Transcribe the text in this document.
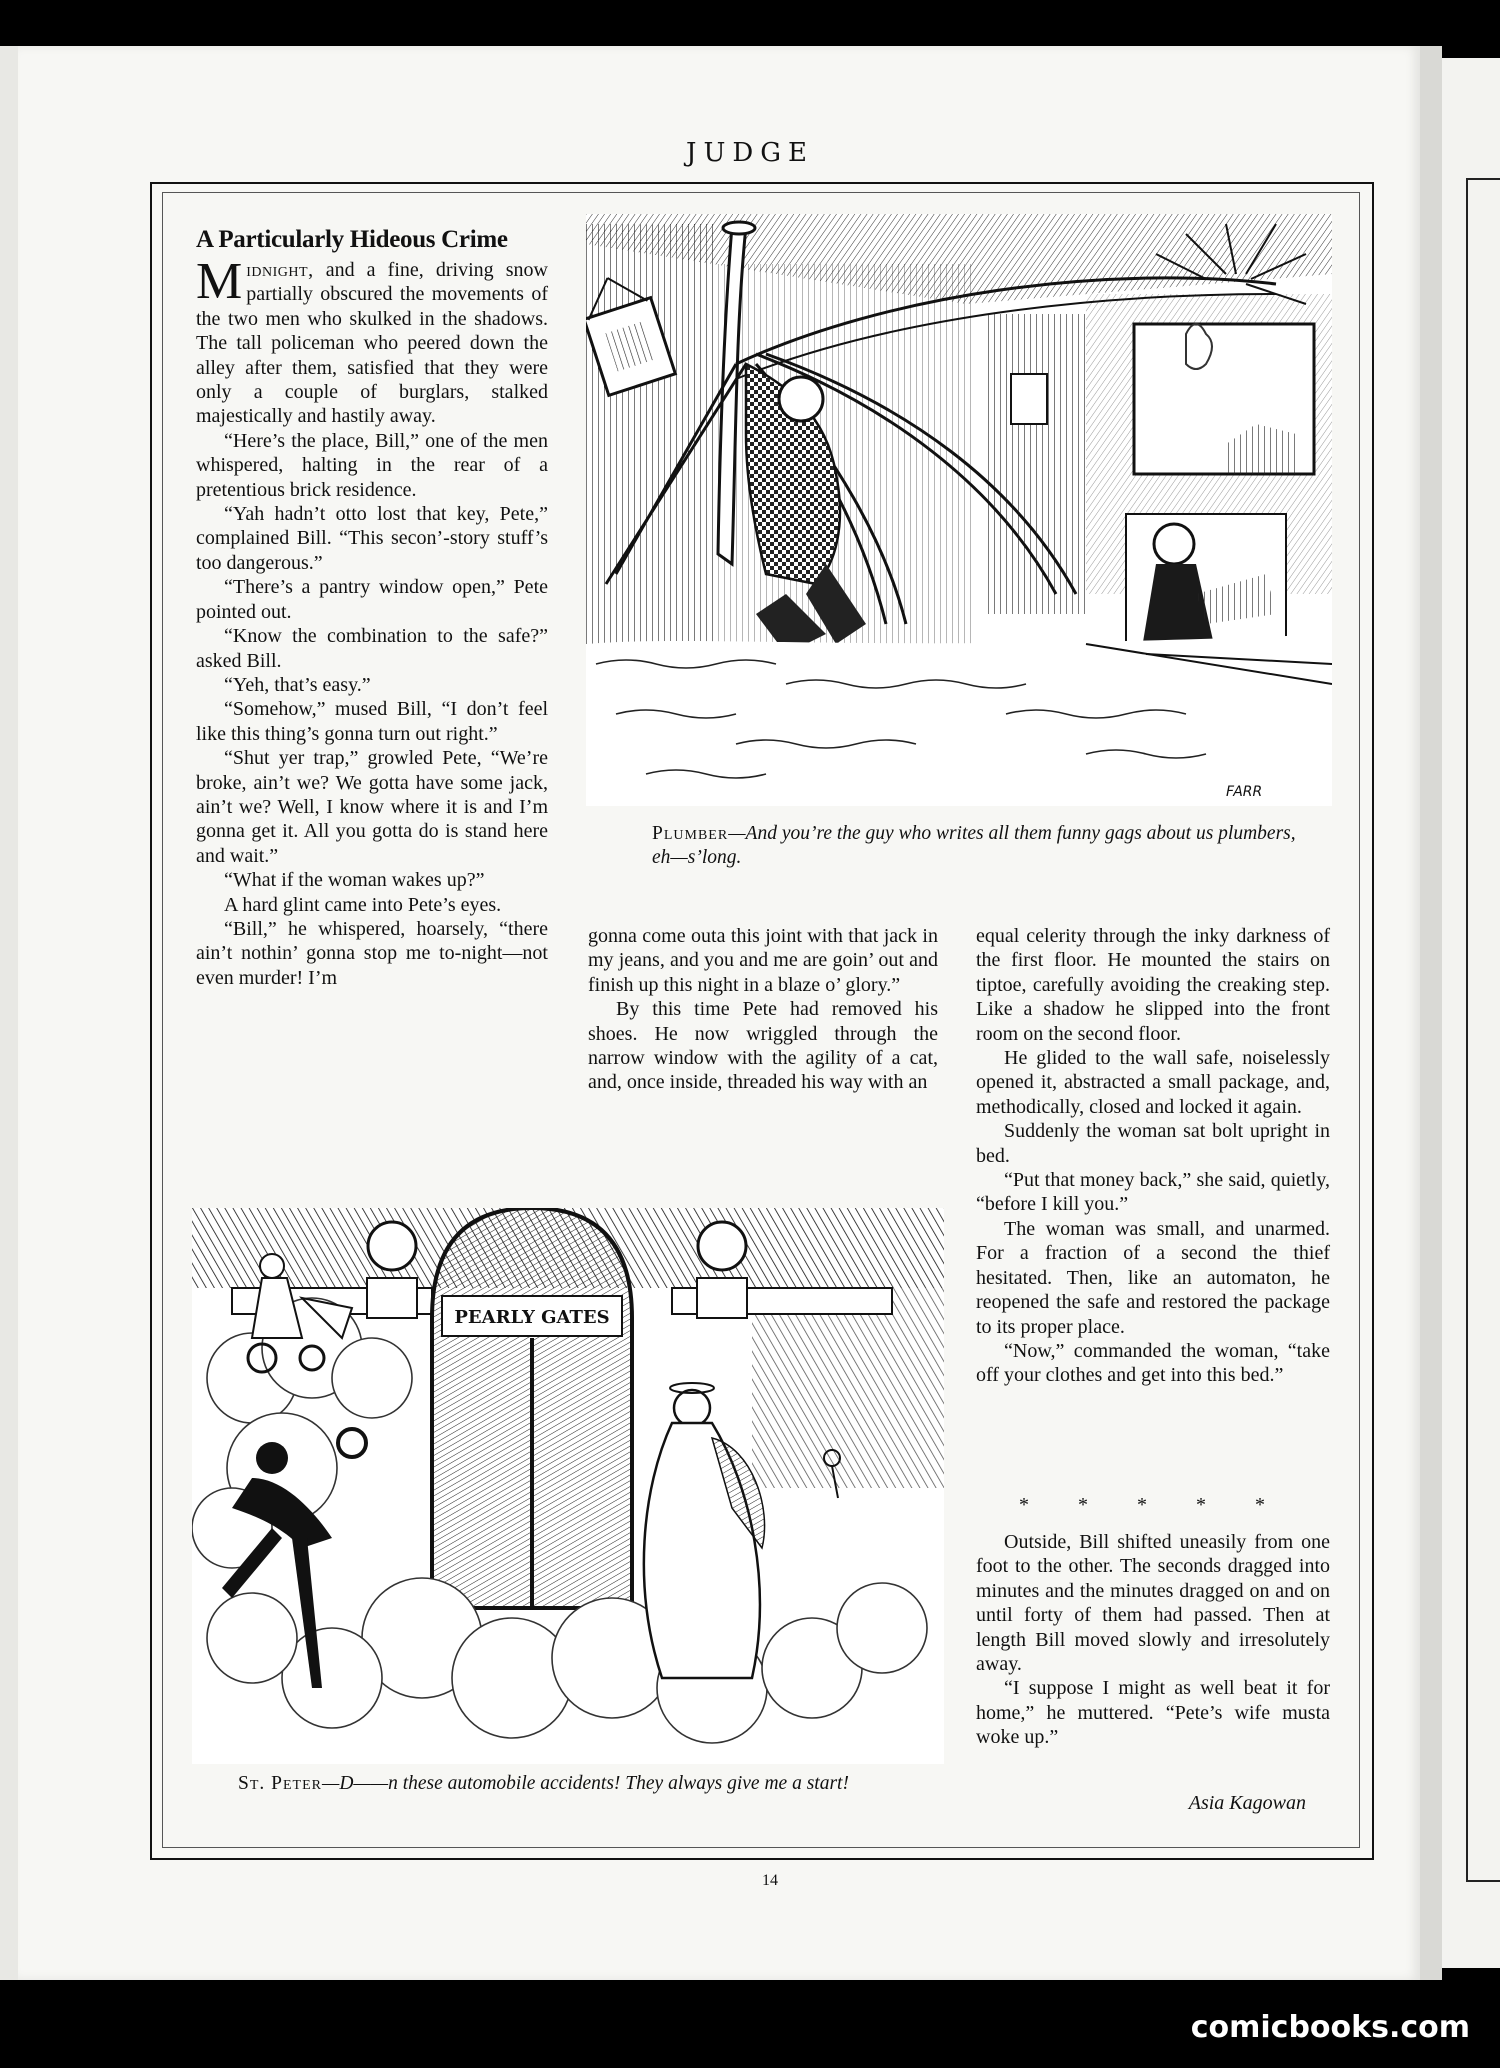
JUDGE
A Particularly Hideous Crime

Midnight, and a fine, driving snow partially obscured the movements of the two men who skulked in the shadows. The tall policeman who peered down the alley after them, satisfied that they were only a couple of burglars, stalked majestically and hastily away.

“Here’s the place, Bill,” one of the men whispered, halting in the rear of a pretentious brick residence.

“Yah hadn’t otto lost that key, Pete,” complained Bill. “This secon’-story stuff’s too dangerous.”

“There’s a pantry window open,” Pete pointed out.

“Know the combination to the safe?” asked Bill.

“Yeh, that’s easy.”

“Somehow,” mused Bill, “I don’t feel like this thing’s gonna turn out right.”

“Shut yer trap,” growled Pete, “We’re broke, ain’t we? We gotta have some jack, ain’t we? Well, I know where it is and I’m gonna get it. All you gotta do is stand here and wait.”

“What if the woman wakes up?”

A hard glint came into Pete’s eyes.

“Bill,” he whispered, hoarsely, “there ain’t nothin’ gonna stop me to-night—not even murder! I’m

gonna come outa this joint with that jack in my jeans, and you and me are goin’ out and finish up this night in a blaze o’ glory.”

By this time Pete had removed his shoes. He now wriggled through the narrow window with the agility of a cat, and, once inside, threaded his way with an

equal celerity through the inky darkness of the first floor. He mounted the stairs on tiptoe, carefully avoiding the creaking step. Like a shadow he slipped into the front room on the second floor.

He glided to the wall safe, noiselessly opened it, abstracted a small package, and, methodically, closed and locked it again.

Suddenly the woman sat bolt upright in bed.

“Put that money back,” she said, quietly, “before I kill you.”

The woman was small, and unarmed. For a fraction of a second the thief hesitated. Then, like an automaton, he reopened the safe and restored the package to its proper place.

“Now,” commanded the woman, “take off your clothes and get into this bed.”

* * * * *

Outside, Bill shifted uneasily from one foot to the other. The seconds dragged into minutes and the minutes dragged on and on until forty of them had passed. Then at length Bill moved slowly and irresolutely away.

“I suppose I might as well beat it for home,” he muttered. “Pete’s wife musta woke up.”

Asia Kagowan
FARR
Plumber—And you’re the guy who writes all them funny gags about us plumbers, eh—s’long.
PEARLY GATES
St. Peter—D——n these automobile accidents! They always give me a start!
14
comicbooks.com
